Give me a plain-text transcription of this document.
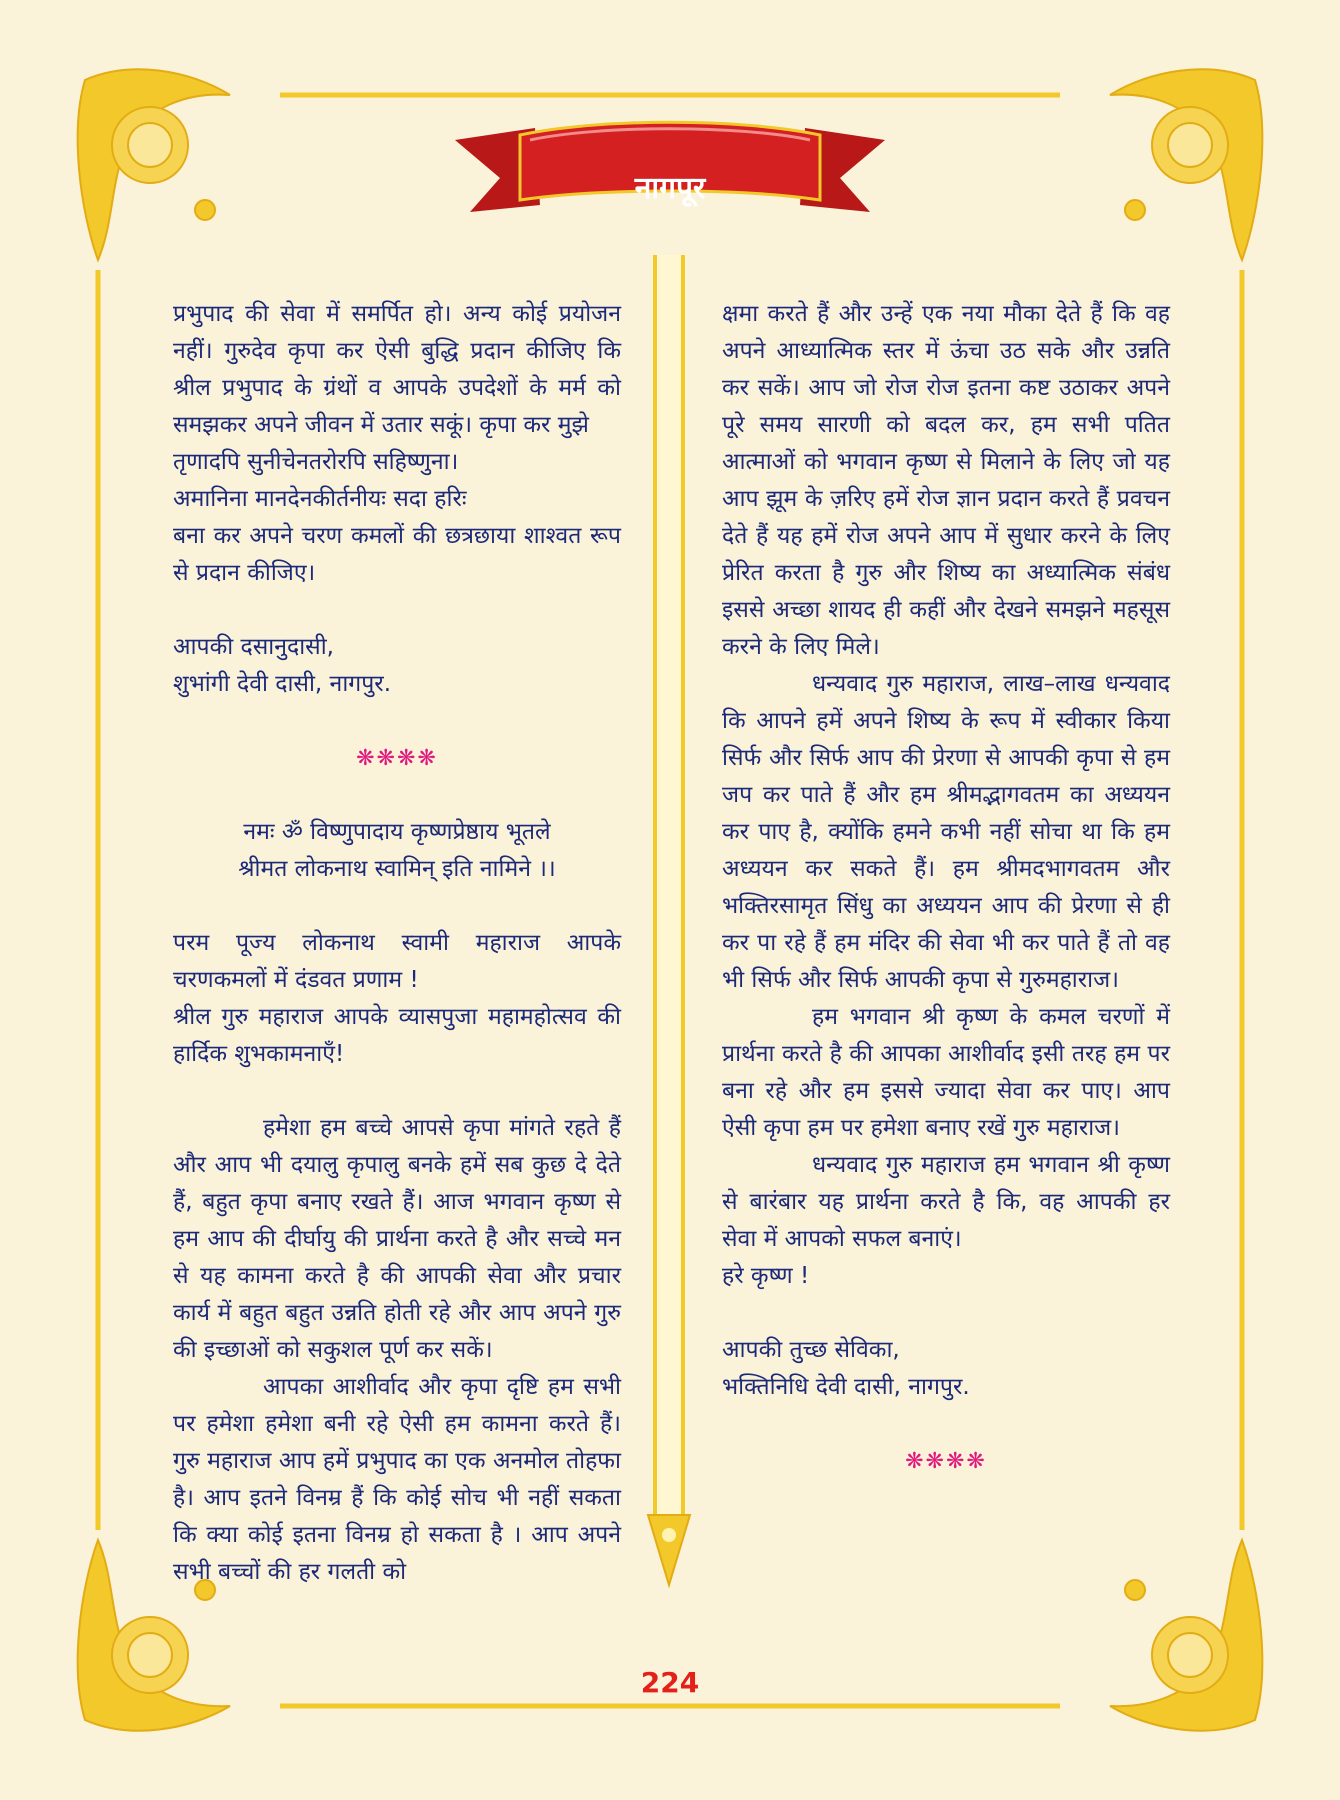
नागपूर

प्रभुपाद की सेवा में समर्पित हो। अन्य कोई प्रयोजन नहीं। गुरुदेव कृपा कर ऐसी बुद्धि प्रदान कीजिए कि श्रील प्रभुपाद के ग्रंथों व आपके उपदेशों के मर्म को समझकर अपने जीवन में उतार सकूं। कृपा कर मुझे

तृणादपि सुनीचेनतरोरपि सहिष्णुना।

अमानिना मानदेनकीर्तनीयः सदा हरिः

बना कर अपने चरण कमलों की छत्रछाया शाश्वत रूप से प्रदान कीजिए।

आपकी दसानुदासी,

शुभांगी देवी दासी, नागपुर.

❋❋❋❋

नमः ॐ विष्णुपादाय कृष्णप्रेष्ठाय भूतले

श्रीमत लोकनाथ स्वामिन् इति नामिने ।।

परम पूज्य लोकनाथ स्वामी महाराज आपके चरणकमलों में दंडवत प्रणाम !

श्रील गुरु महाराज आपके व्यासपुजा महामहोत्सव की हार्दिक शुभकामनाएँ!

हमेशा हम बच्चे आपसे कृपा मांगते रहते हैं और आप भी दयालु कृपालु बनके हमें सब कुछ दे देते हैं, बहुत कृपा बनाए रखते हैं। आज भगवान कृष्ण से हम आप की दीर्घायु की प्रार्थना करते है और सच्चे मन से यह कामना करते है की आपकी सेवा और प्रचार कार्य में बहुत बहुत उन्नति होती रहे और आप अपने गुरु की इच्छाओं को सकुशल पूर्ण कर सकें।

आपका आशीर्वाद और कृपा दृष्टि हम सभी पर हमेशा हमेशा बनी रहे ऐसी हम कामना करते हैं। गुरु महाराज आप हमें प्रभुपाद का एक अनमोल तोहफा है। आप इतने विनम्र हैं कि कोई सोच भी नहीं सकता कि क्या कोई इतना विनम्र हो सकता है । आप अपने सभी बच्चों की हर गलती को

क्षमा करते हैं और उन्हें एक नया मौका देते हैं कि वह अपने आध्यात्मिक स्तर में ऊंचा उठ सके और उन्नति कर सकें। आप जो रोज रोज इतना कष्ट उठाकर अपने पूरे समय सारणी को बदल कर, हम सभी पतित आत्माओं को भगवान कृष्ण से मिलाने के लिए जो यह आप झूम के ज़रिए हमें रोज ज्ञान प्रदान करते हैं प्रवचन देते हैं यह हमें रोज अपने आप में सुधार करने के लिए प्रेरित करता है गुरु और शिष्य का अध्यात्मिक संबंध इससे अच्छा शायद ही कहीं और देखने समझने महसूस करने के लिए मिले।

धन्यवाद गुरु महाराज, लाख–लाख धन्यवाद कि आपने हमें अपने शिष्य के रूप में स्वीकार किया सिर्फ और सिर्फ आप की प्रेरणा से आपकी कृपा से हम जप कर पाते हैं और हम श्रीमद्भागवतम का अध्ययन कर पाए है, क्योंकि हमने कभी नहीं सोचा था कि हम अध्ययन कर सकते हैं। हम श्रीमदभागवतम और भक्तिरसामृत सिंधु का अध्ययन आप की प्रेरणा से ही कर पा रहे हैं हम मंदिर की सेवा भी कर पाते हैं तो वह भी सिर्फ और सिर्फ आपकी कृपा से गुरुमहाराज।

हम भगवान श्री कृष्ण के कमल चरणों में प्रार्थना करते है की आपका आशीर्वाद इसी तरह हम पर बना रहे और हम इससे ज्यादा सेवा कर पाए। आप ऐसी कृपा हम पर हमेशा बनाए रखें गुरु महाराज।

धन्यवाद गुरु महाराज हम भगवान श्री कृष्ण से बारंबार यह प्रार्थना करते है कि, वह आपकी हर सेवा में आपको सफल बनाएं।

हरे कृष्ण !

आपकी तुच्छ सेविका,

भक्तिनिधि देवी दासी, नागपुर.

❋❋❋❋

224
